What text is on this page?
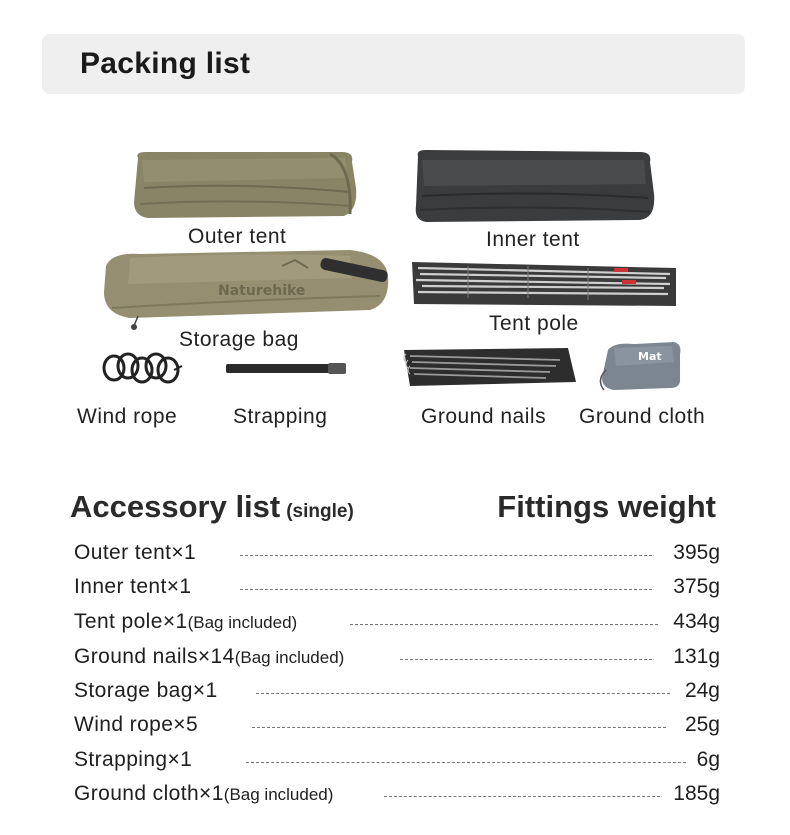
Packing list
Outer tent	Inner tent
Naturehike
Storage bag
Tent pole
Wind rope	Strapping	Ground nails
Mat
Ground cloth
Accessory list (single)	Fittings weight
Outer tent×1	395g
Inner tent×1	375g
Tent pole×1(Bag included)	434g
Ground nails×14(Bag included)	131g
Storage bag×1	24g
Wind rope×5	25g
Strapping×1	6g
Ground cloth×1(Bag included)	185g
